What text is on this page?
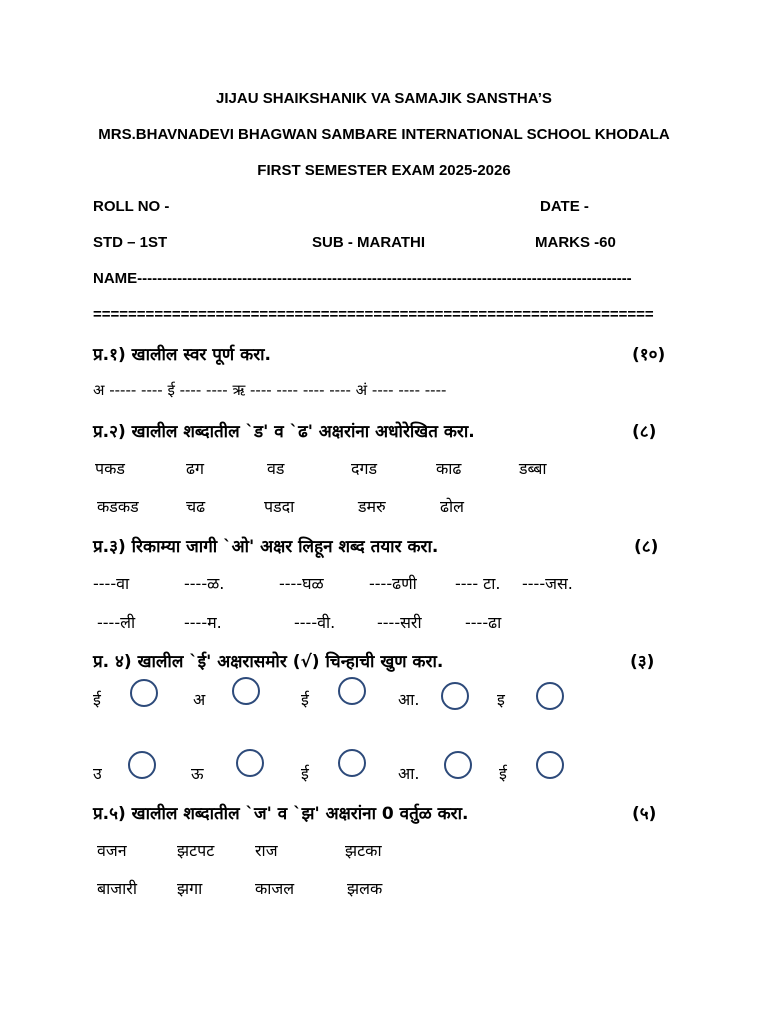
JIJAU SHAIKSHANIK VA SAMAJIK SANSTHA’S
MRS.BHAVNADEVI BHAGWAN SAMBARE INTERNATIONAL SCHOOL KHODALA
FIRST SEMESTER EXAM 2025-2026
ROLL NO -	DATE -
STD – 1ST	SUB - MARATHI	MARKS -60
NAME---------------------------------------------------------------------------------------------------
================================================================
प्र.१) खालील स्वर पूर्ण करा.	(१०)
अ ----- ---- ई ---- ---- ऋ ---- ---- ---- ---- अं ---- ---- ----
प्र.२) खालील शब्दातील `ड' व `ढ' अक्षरांना अधोरेखित करा.	(८)
पकड	ढग	वड	दगड	काढ	डब्बा
कडकड	चढ	पडदा	डमरु	ढोल
प्र.३) रिकाम्या जागी `ओ' अक्षर लिहून शब्द तयार करा.	(८)
----वा	----ळ.	----घळ	----ढणी ---- टा. ----जस.
----ली	----म.	----वी.	----सरी	----ढा
प्र. ४) खालील `ई' अक्षरासमोर (√) चिन्हाची खुण करा.	(३)
ई	अ	ई	आ.	इ
उ	ऊ	ई	आ.	ई
प्र.५) खालील शब्दातील `ज' व `झ' अक्षरांना 0 वर्तुळ करा.	(५)
वजन	झटपट	राज	झटका
बाजारी	झगा	काजल	झलक
